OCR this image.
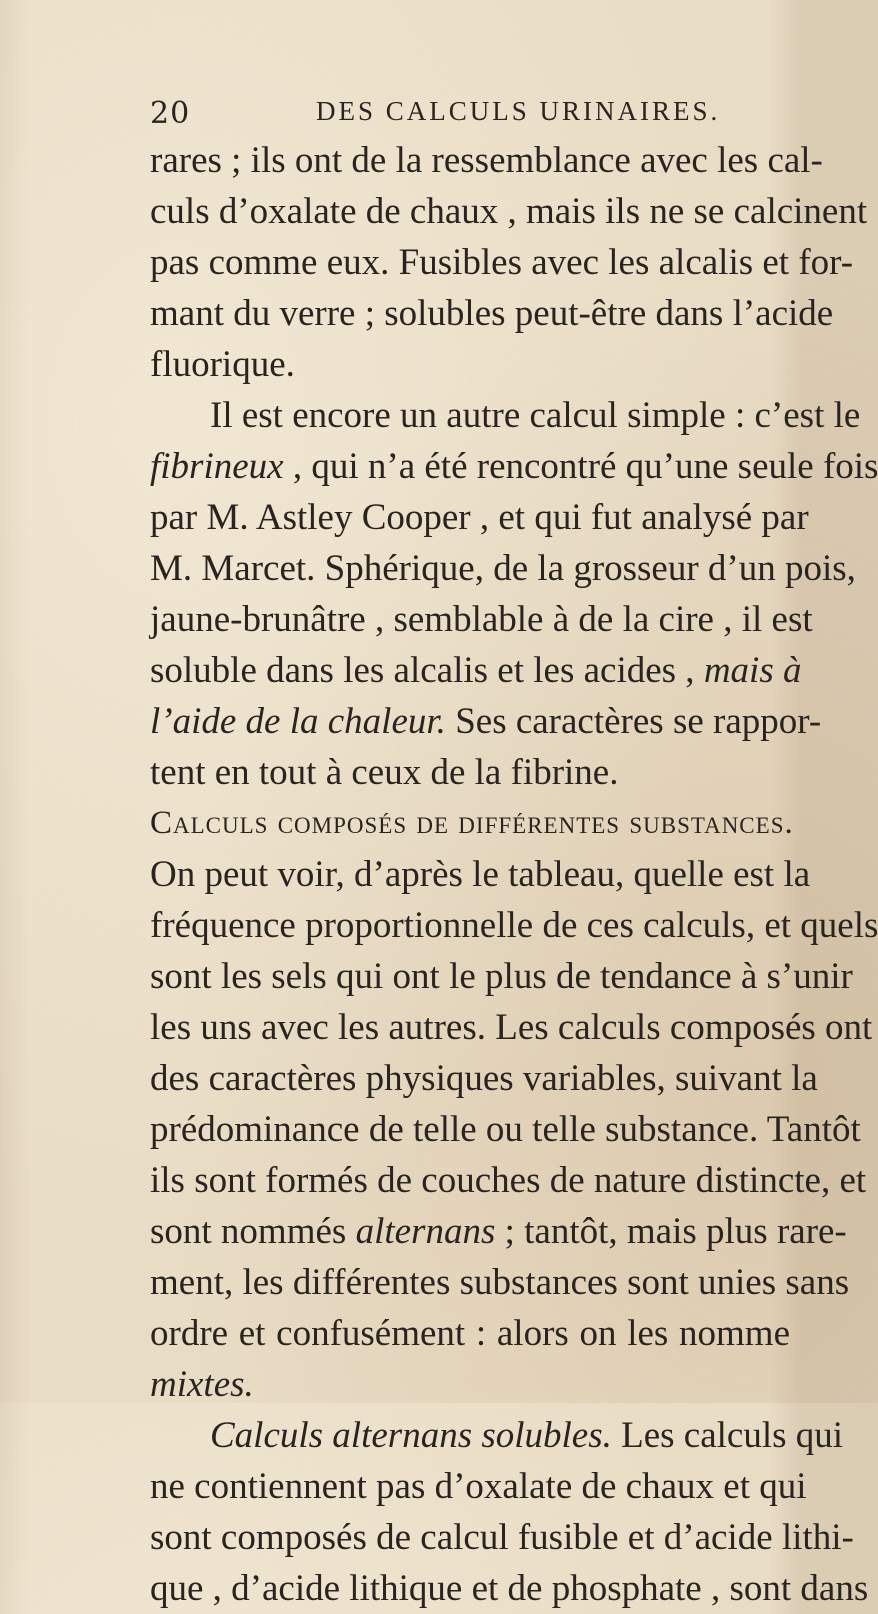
20	DES CALCULS URINAIRES.
rares ; ils ont de la ressemblance avec les cal-
culs d’oxalate de chaux , mais ils ne se calcinent
pas comme eux. Fusibles avec les alcalis et for-
mant du verre ; solubles peut-être dans l’acide
fluorique.
Il est encore un autre calcul simple : c’est le
fibrineux , qui n’a été rencontré qu’une seule fois
par M. Astley Cooper , et qui fut analysé par
M. Marcet. Sphérique, de la grosseur d’un pois,
jaune-brunâtre , semblable à de la cire , il est
soluble dans les alcalis et les acides , mais à
l’aide de la chaleur. Ses caractères se rappor-
tent en tout à ceux de la fibrine.
Calculs composés de différentes substances.
On peut voir, d’après le tableau, quelle est la
fréquence proportionnelle de ces calculs, et quels
sont les sels qui ont le plus de tendance à s’unir
les uns avec les autres. Les calculs composés ont
des caractères physiques variables, suivant la
prédominance de telle ou telle substance. Tantôt
ils sont formés de couches de nature distincte, et
sont nommés alternans ; tantôt, mais plus rare-
ment, les différentes substances sont unies sans
ordre et confusément : alors on les nomme
mixtes.
Calculs alternans solubles. Les calculs qui
ne contiennent pas d’oxalate de chaux et qui
sont composés de calcul fusible et d’acide lithi-
que , d’acide lithique et de phosphate , sont dans
